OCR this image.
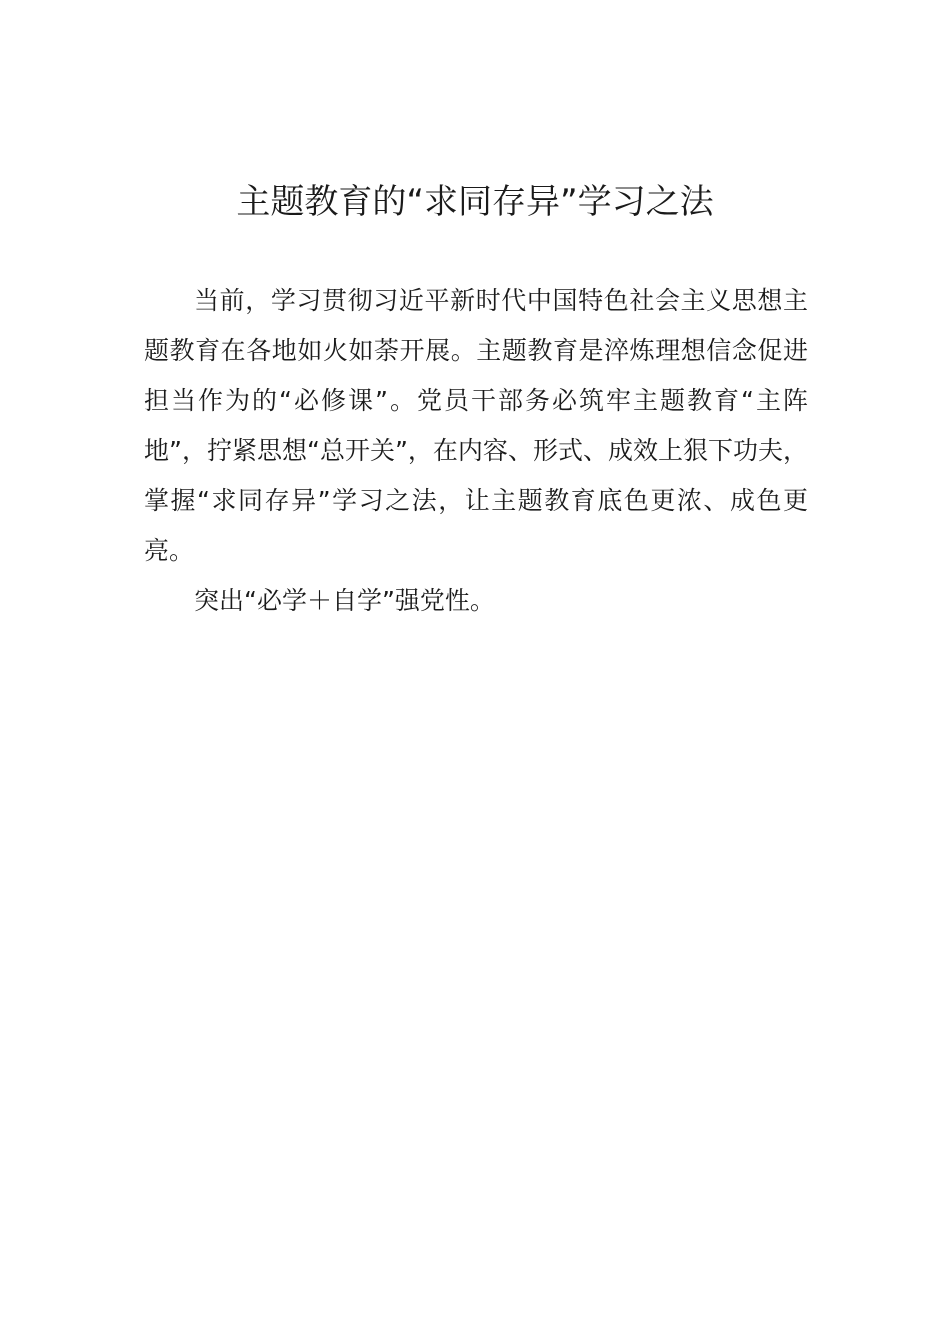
主题教育的“求同存异”学习之法

当前，学习贯彻习近平新时代中国特色社会主义思想主题教育在各地如火如荼开展。主题教育是淬炼理想信念促进担当作为的“必修课”。党员干部务必筑牢主题教育“主阵地”，拧紧思想“总开关”，在内容、形式、成效上狠下功夫，掌握“求同存异”学习之法，让主题教育底色更浓、成色更亮。

突出“必学＋自学”强党性。
